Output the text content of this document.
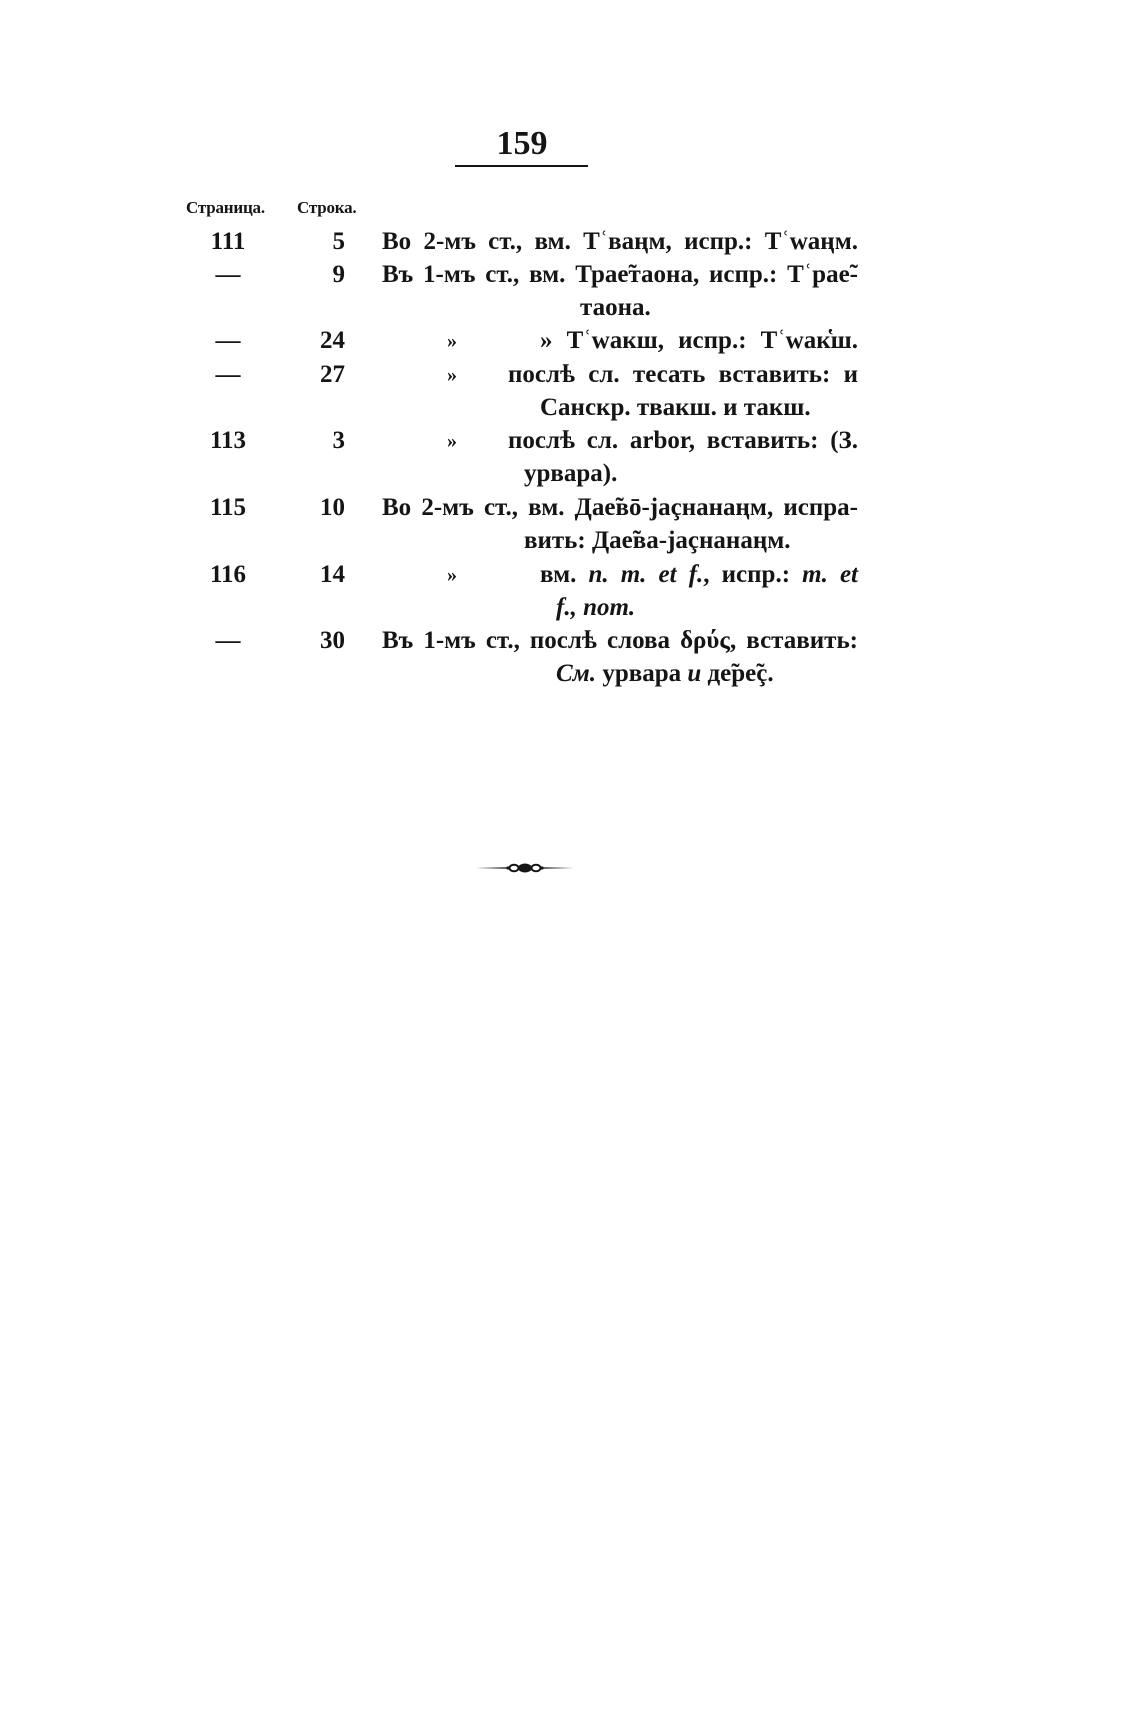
159
Страница. Строка.
111	5 Во 2-мъ ст., вм. Тʿваңм, испр.: Тʿwaңм.
—	9 Въ 1-мъ ст., вм. Трае̃таона, испр.: Тʿрае̃-
таона.
—	24	»	» Тʿwакш, испр.: Тʿwак̔ш.
—	27	»	послѣ сл. тесать вставить: и
Санскр. твакш. и такш.
113	3	»	послѣ сл. arbor, вставить: (З.
урвара).
115	10 Во 2-мъ ст., вм. Дае̃вō-jаçнанаңм, испра-
вить: Дае̃ва-jаçнанаңм.
116	14	»	вм. n. m. et f., испр.: m. et
f., nom.
—	30 Въ 1-мъ ст., послѣ слова δρύς, вставить:
См. урвара и де̃ре̃ç.
